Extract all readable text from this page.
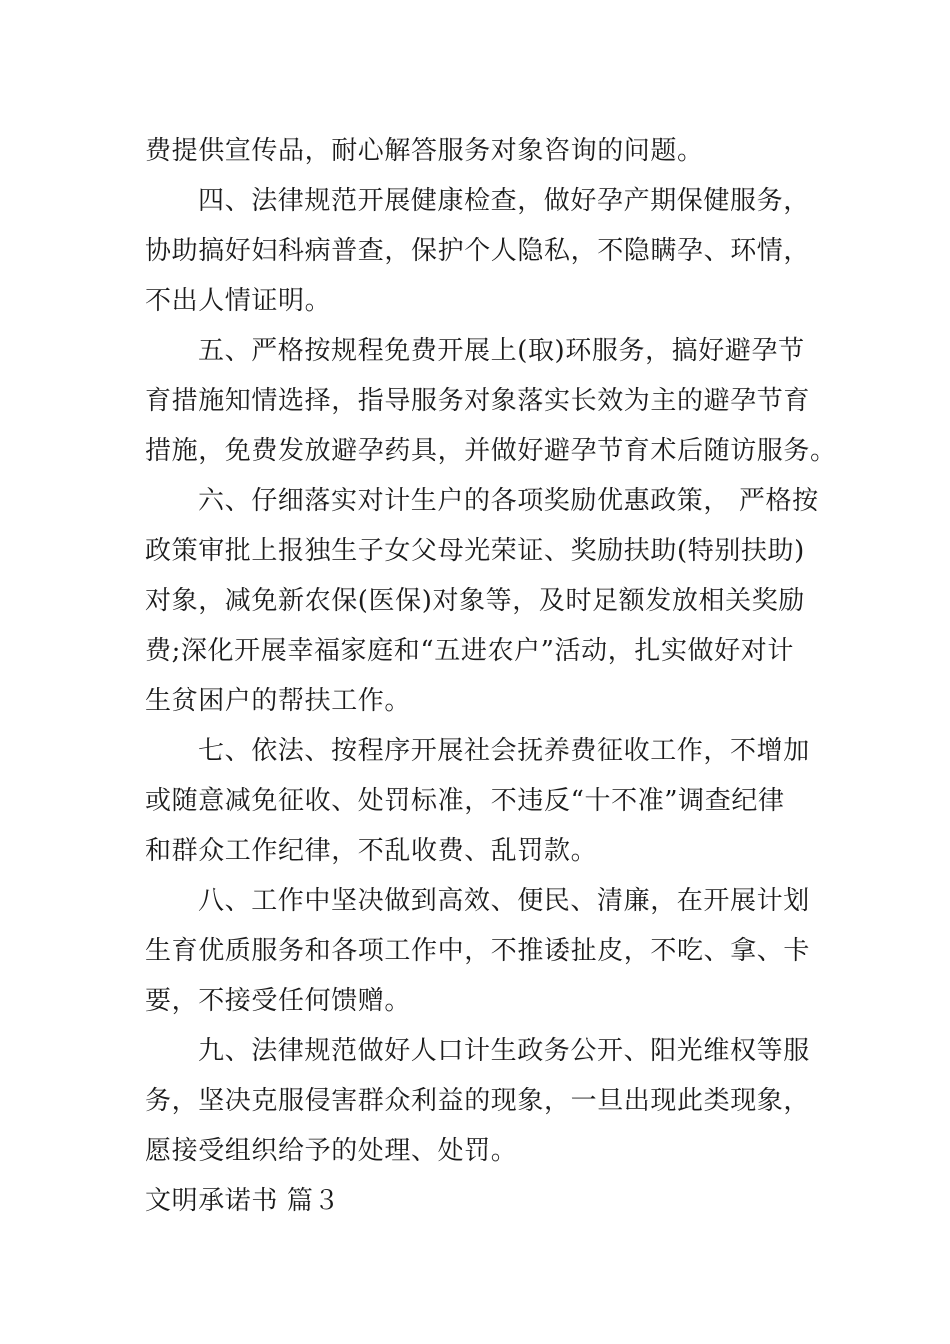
费提供宣传品，耐心解答服务对象咨询的问题。
四、法律规范开展健康检查，做好孕产期保健服务，
协助搞好妇科病普查，保护个人隐私，不隐瞒孕、环情，
不出人情证明。
五、严格按规程免费开展上(取)环服务，搞好避孕节
育措施知情选择，指导服务对象落实长效为主的避孕节育
措施，免费发放避孕药具，并做好避孕节育术后随访服务。
六、仔细落实对计生户的各项奖励优惠政策， 严格按
政策审批上报独生子女父母光荣证、奖励扶助(特别扶助)
对象，减免新农保(医保)对象等，及时足额发放相关奖励
费;深化开展幸福家庭和“五进农户”活动，扎实做好对计
生贫困户的帮扶工作。
七、依法、按程序开展社会抚养费征收工作，不增加
或随意减免征收、处罚标准，不违反“十不准”调查纪律
和群众工作纪律，不乱收费、乱罚款。
八、工作中坚决做到高效、便民、清廉，在开展计划
生育优质服务和各项工作中，不推诿扯皮，不吃、拿、卡
要，不接受任何馈赠。
九、法律规范做好人口计生政务公开、阳光维权等服
务，坚决克服侵害群众利益的现象，一旦出现此类现象，
愿接受组织给予的处理、处罚。
文明承诺书 篇３
